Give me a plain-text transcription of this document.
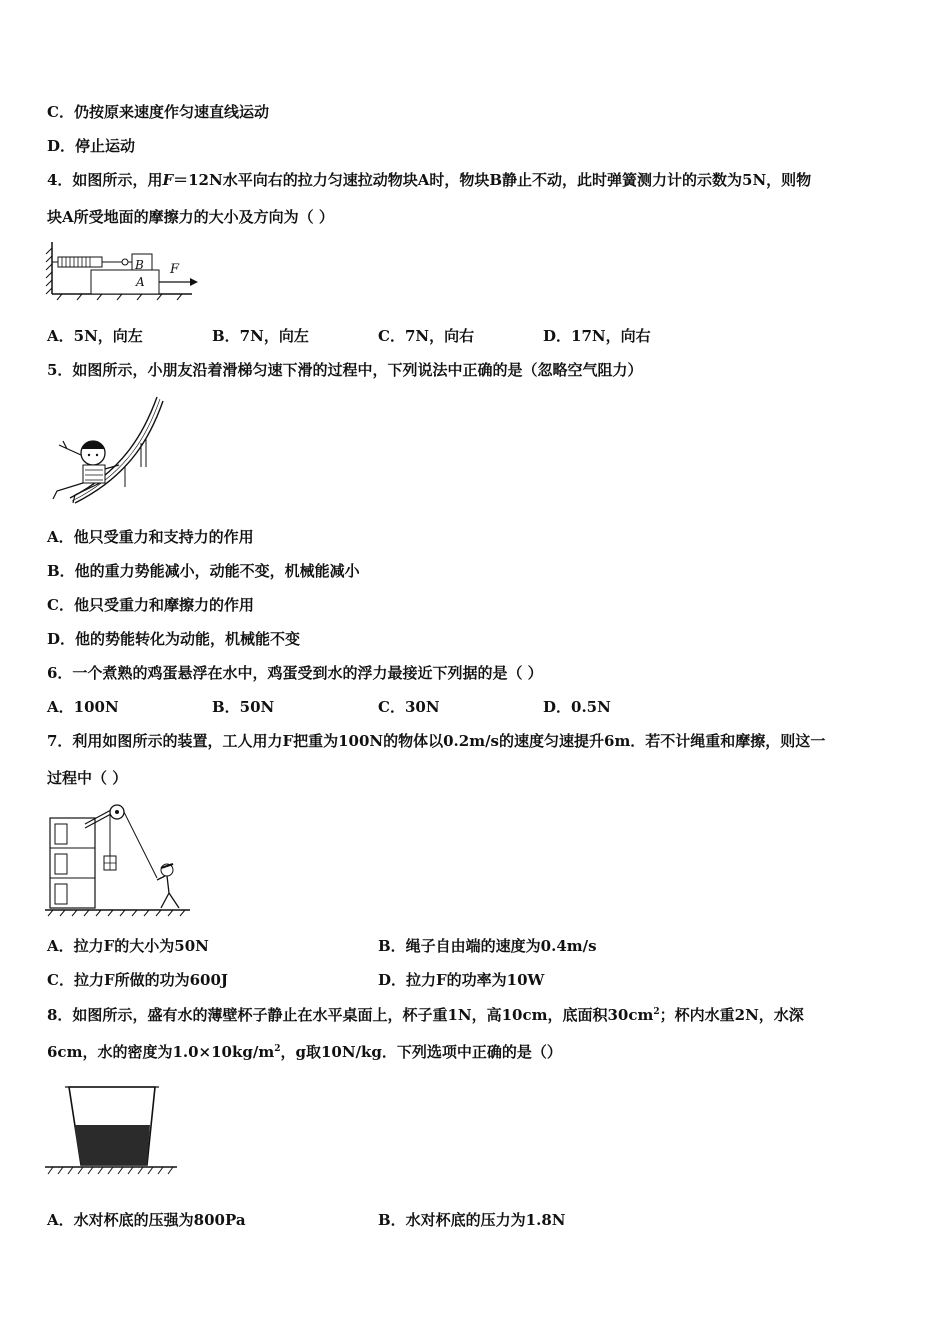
C．仍按原来速度作匀速直线运动
D．停止运动
4．如图所示，用F＝12N水平向右的拉力匀速拉动物块A时，物块B静止不动，此时弹簧测力计的示数为5N，则物
块A所受地面的摩擦力的大小及方向为（ ）
B
A
F
A．5N，向左	B．7N，向左	C．7N，向右	D．17N，向右
5．如图所示，小朋友沿着滑梯匀速下滑的过程中，下列说法中正确的是（忽略空气阻力）
A．他只受重力和支持力的作用
B．他的重力势能减小，动能不变，机械能减小
C．他只受重力和摩擦力的作用
D．他的势能转化为动能，机械能不变
6．一个煮熟的鸡蛋悬浮在水中，鸡蛋受到水的浮力最接近下列据的是（ ）
A．100N	B．50N	C．30N	D．0.5N
7．利用如图所示的装置，工人用力F把重为100N的物体以0.2m/s的速度匀速提升6m．若不计绳重和摩擦，则这一
过程中（ ）
A．拉力F的大小为50N	B．绳子自由端的速度为0.4m/s
C．拉力F所做的功为600J	D．拉力F的功率为10W
8．如图所示，盛有水的薄壁杯子静止在水平桌面上，杯子重1N，高10cm，底面积$30cm^2$；杯内水重2N，水深
6cm，水的密度为$1.0\times 10kg/m^2$，g取10N/kg．下列选项中正确的是（）
A．水对杯底的压强为800Pa	B．水对杯底的压力为1.8N
